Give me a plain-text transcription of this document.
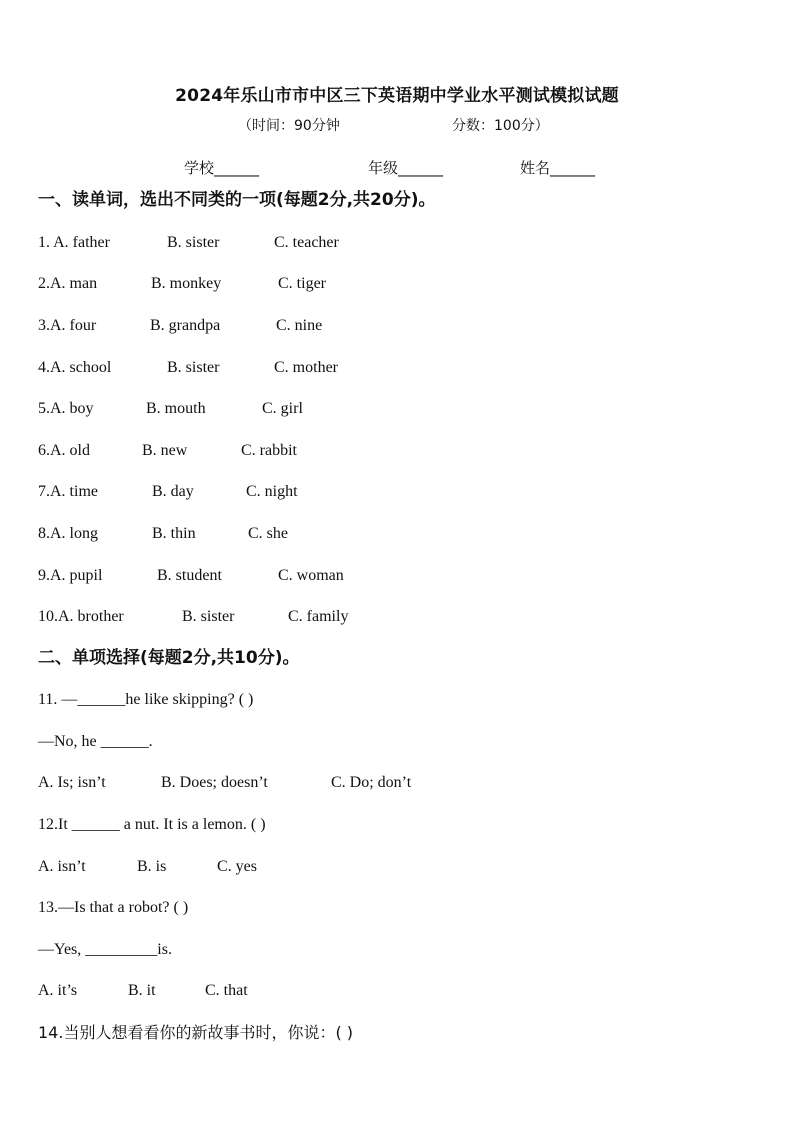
2024年乐山市市中区三下英语期中学业水平测试模拟试题
（时间：90分钟	分数：100分）
学校______	年级______	姓名______
一、读单词，选出不同类的一项(每题2分,共20分)。
1. A. father	B. sister	C. teacher
2.A. man	B. monkey	C. tiger
3.A. four	B. grandpa	C. nine
4.A. school	B. sister	C. mother
5.A. boy	B. mouth	C. girl
6.A. old	B. new	C. rabbit
7.A. time	B. day	C. night
8.A. long	B. thin	C. she
9.A. pupil	B. student	C. woman
10.A. brother	B. sister	C. family
二、单项选择(每题2分,共10分)。
11. —______he like skipping? ( )
—No, he ______.
A. Is; isn’t	B. Does; doesn’t	C. Do; don’t
12.It ______ a nut. It is a lemon. ( )
A. isn’t	B. is	C. yes
13.—Is that a robot? ( )
—Yes, _________is.
A. it’s	B. it	C. that
14.当别人想看看你的新故事书时，你说：( )
